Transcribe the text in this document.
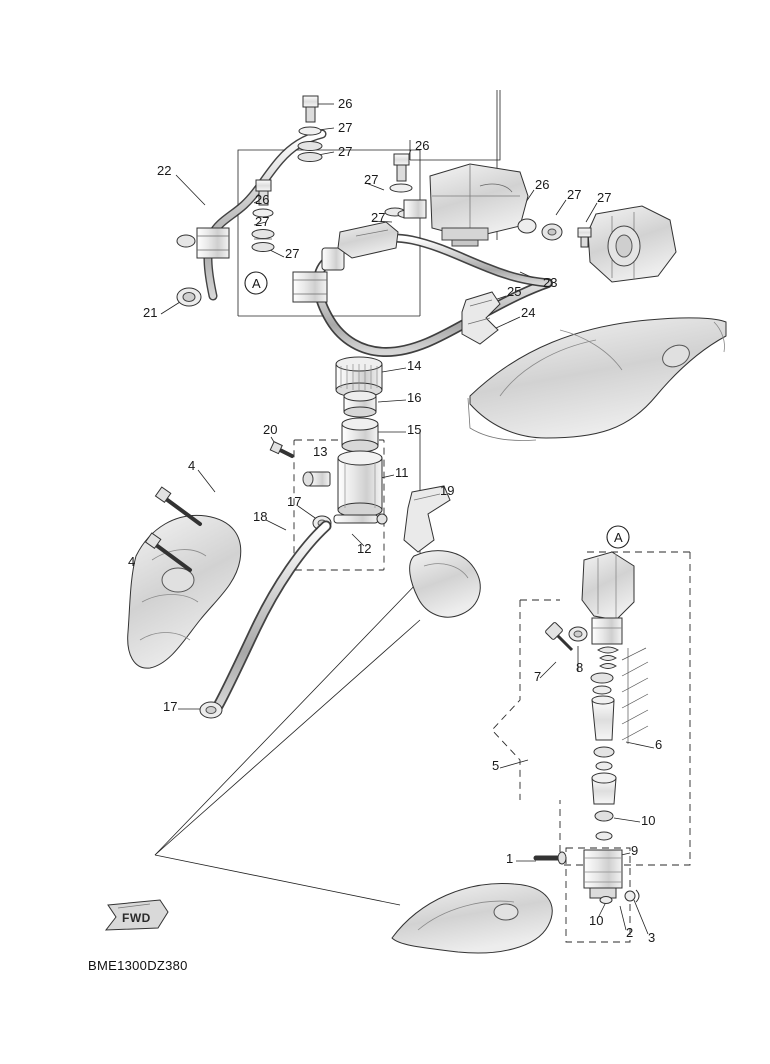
A
A
26
27
27	26
22
26
27	26
27 27
27	27
27
23
21
25
24
14
16
15
20
13
11
4
19
17
18
12
4
7
8
6
17
5
10
9
1
10
2 3
FWD
BME1300DZ380
